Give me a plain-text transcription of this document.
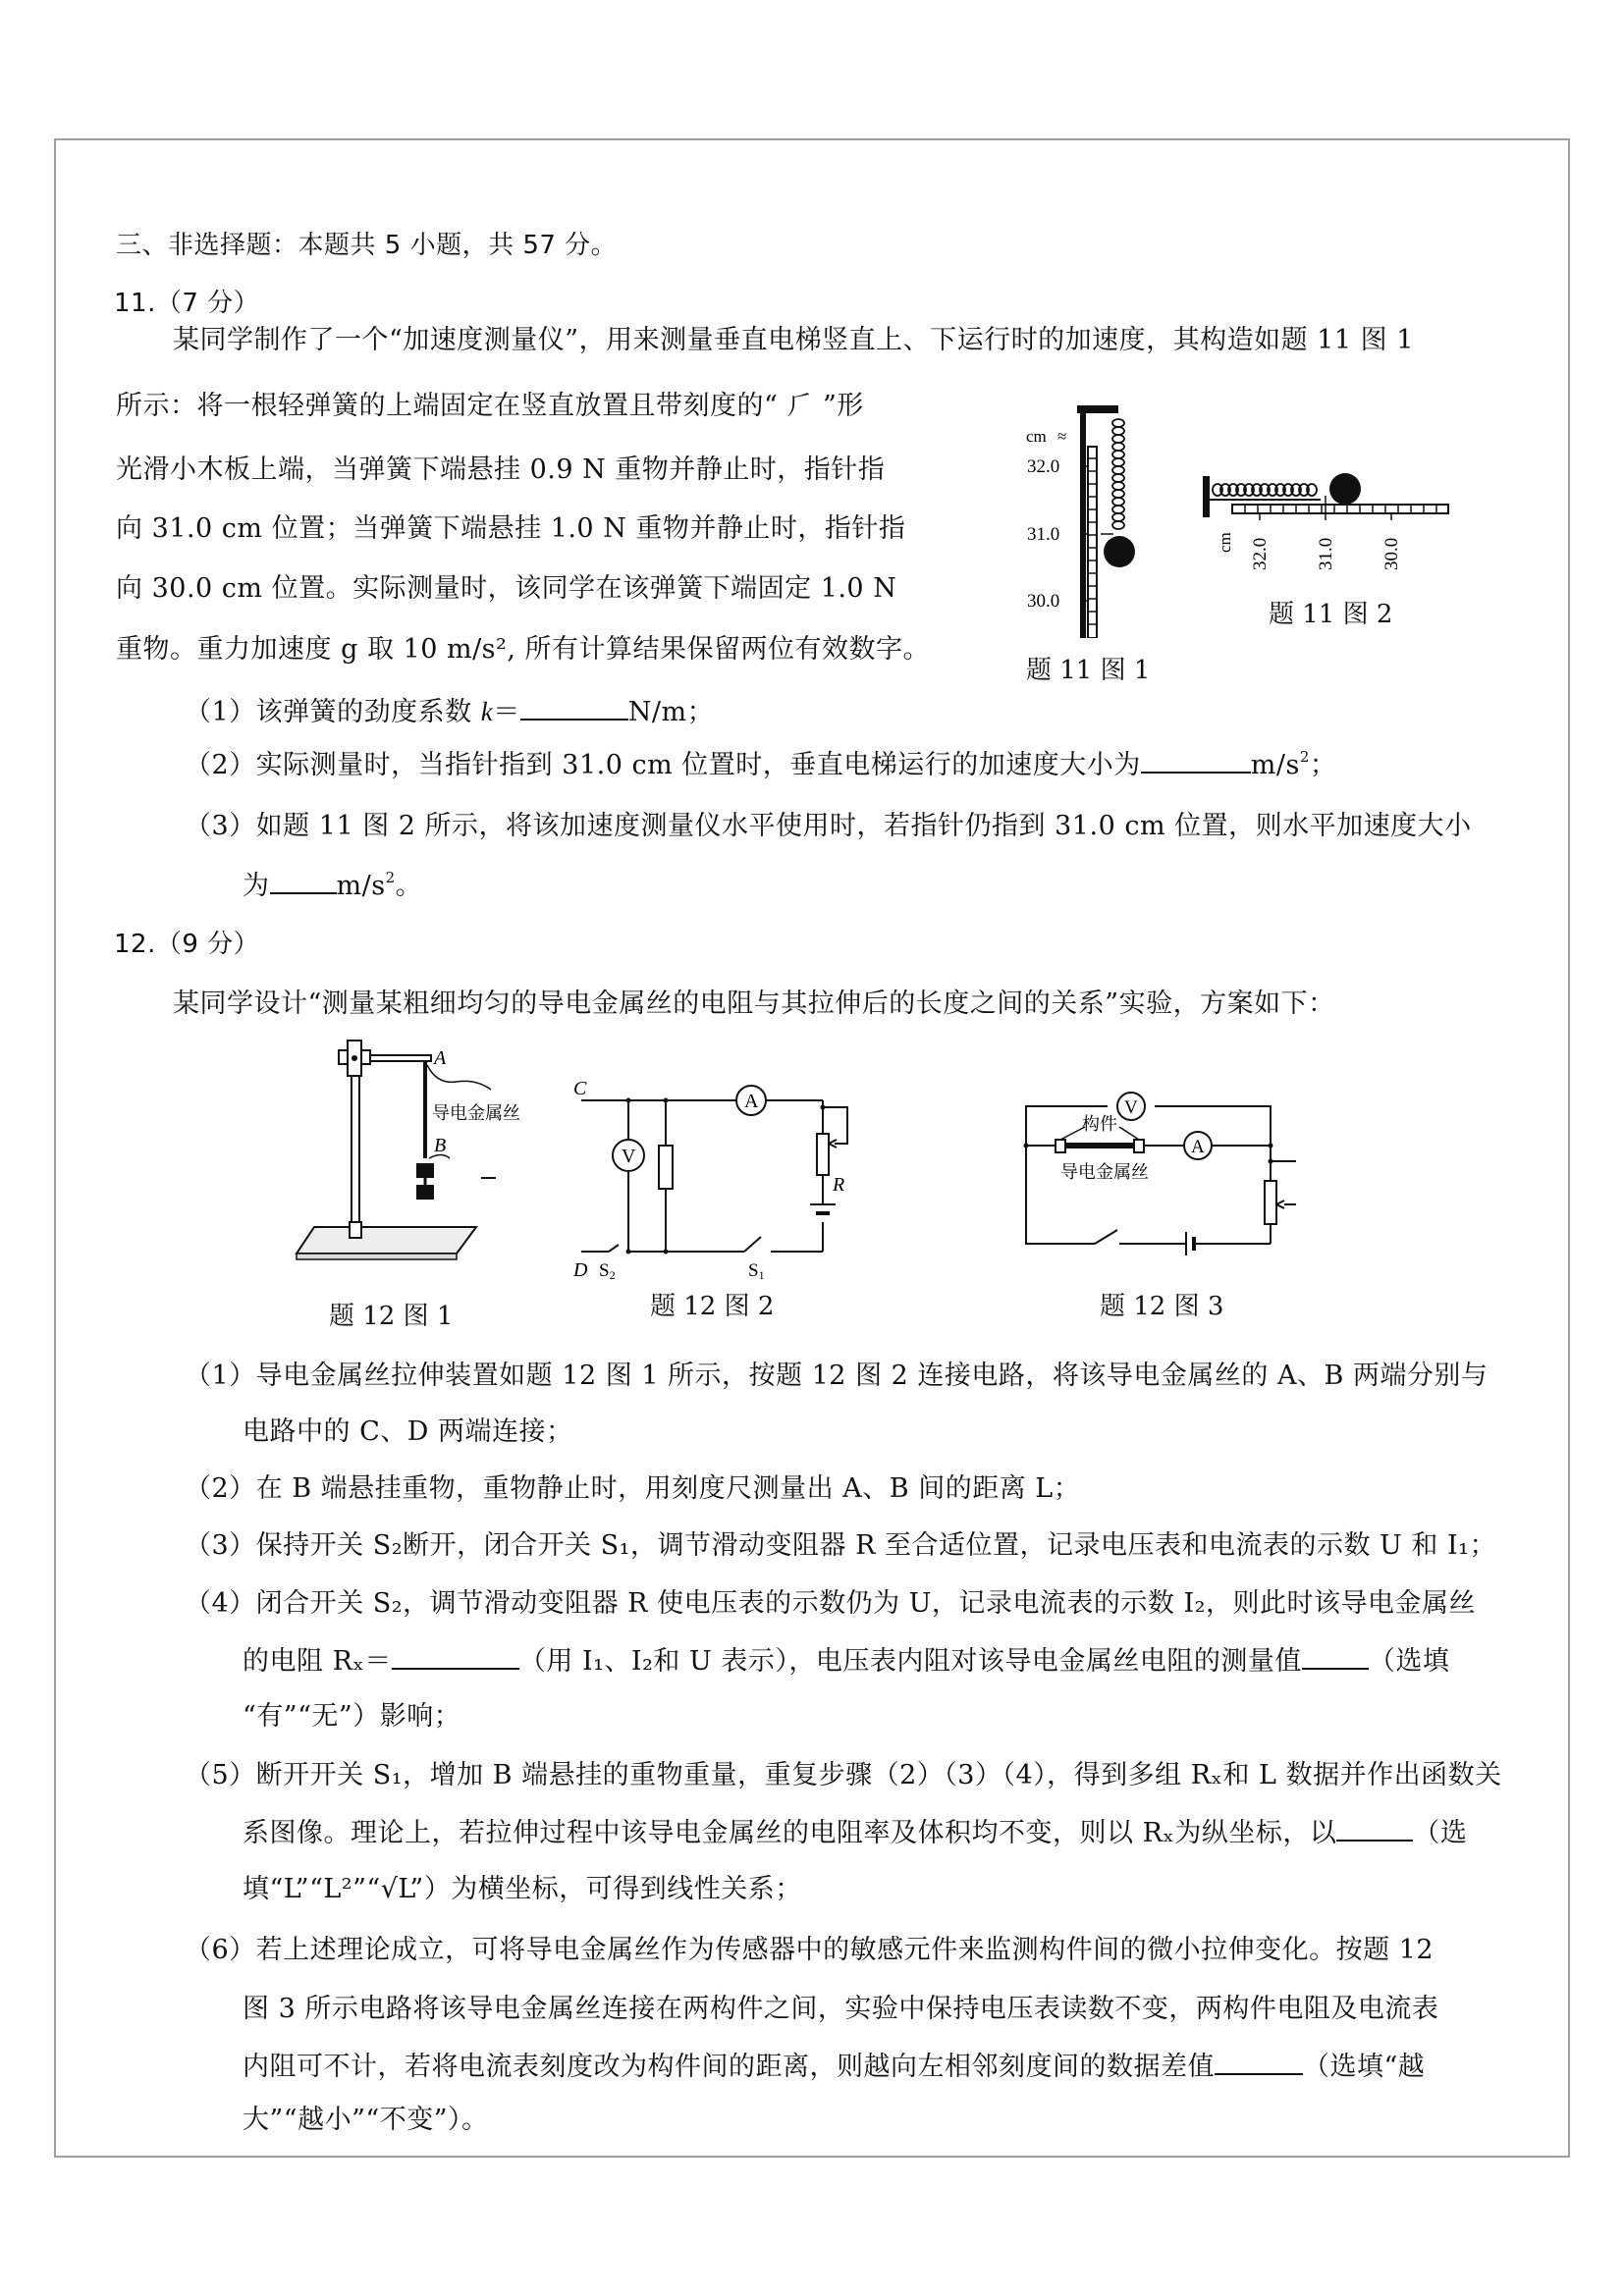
三、非选择题：本题共 5 小题，共 57 分。
11.（7 分）
某同学制作了一个“加速度测量仪”，用来测量垂直电梯竖直上、下运行时的加速度，其构造如题 11 图 1
所示：将一根轻弹簧的上端固定在竖直放置且带刻度的“ ⺁ ”形
光滑小木板上端，当弹簧下端悬挂 0.9 N 重物并静止时，指针指
向 31.0 cm 位置；当弹簧下端悬挂 1.0 N 重物并静止时，指针指
向 30.0 cm 位置。实际测量时，该同学在该弹簧下端固定 1.0 N
重物。重力加速度 g 取 10 m/s², 所有计算结果保留两位有效数字。
cm ≈
32.0
31.0
30.0
题 11 图 1
cm 32.0 31.0 30.0
题 11 图 2
（1）该弹簧的劲度系数 k＝	N/m；
（2）实际测量时，当指针指到 31.0 cm 位置时，垂直电梯运行的加速度大小为	$m/s^2$；
（3）如题 11 图 2 所示，将该加速度测量仪水平使用时，若指针仍指到 31.0 cm 位置，则水平加速度大小
为	$m/s^2$。
12.（9 分）
某同学设计“测量某粗细均匀的导电金属丝的电阻与其拉伸后的长度之间的关系”实验，方案如下：
A
B
导电金属丝
题 12 图 1
V
A
C
D S2	S1
R
题 12 图 2
V
A
构件
导电金属丝
题 12 图 3
（1）导电金属丝拉伸装置如题 12 图 1 所示，按题 12 图 2 连接电路，将该导电金属丝的 A、B 两端分别与
电路中的 C、D 两端连接；
（2）在 B 端悬挂重物，重物静止时，用刻度尺测量出 A、B 间的距离 L；
（3）保持开关 S₂断开，闭合开关 S₁，调节滑动变阻器 R 至合适位置，记录电压表和电流表的示数 U 和 I₁；
（4）闭合开关 S₂，调节滑动变阻器 R 使电压表的示数仍为 U，记录电流表的示数 I₂，则此时该导电金属丝
的电阻 Rₓ＝	（用 I₁、I₂和 U 表示），电压表内阻对该导电金属丝电阻的测量值	（选填
“有”“无”）影响；
（5）断开开关 S₁，增加 B 端悬挂的重物重量，重复步骤（2）（3）（4），得到多组 Rₓ和 L 数据并作出函数关
系图像。理论上，若拉伸过程中该导电金属丝的电阻率及体积均不变，则以 Rₓ为纵坐标，以	（选
填“L”“L²”“√L”）为横坐标，可得到线性关系；
（6）若上述理论成立，可将导电金属丝作为传感器中的敏感元件来监测构件间的微小拉伸变化。按题 12
图 3 所示电路将该导电金属丝连接在两构件之间，实验中保持电压表读数不变，两构件电阻及电流表
内阻可不计，若将电流表刻度改为构件间的距离，则越向左相邻刻度间的数据差值	（选填“越
大”“越小”“不变”）。
